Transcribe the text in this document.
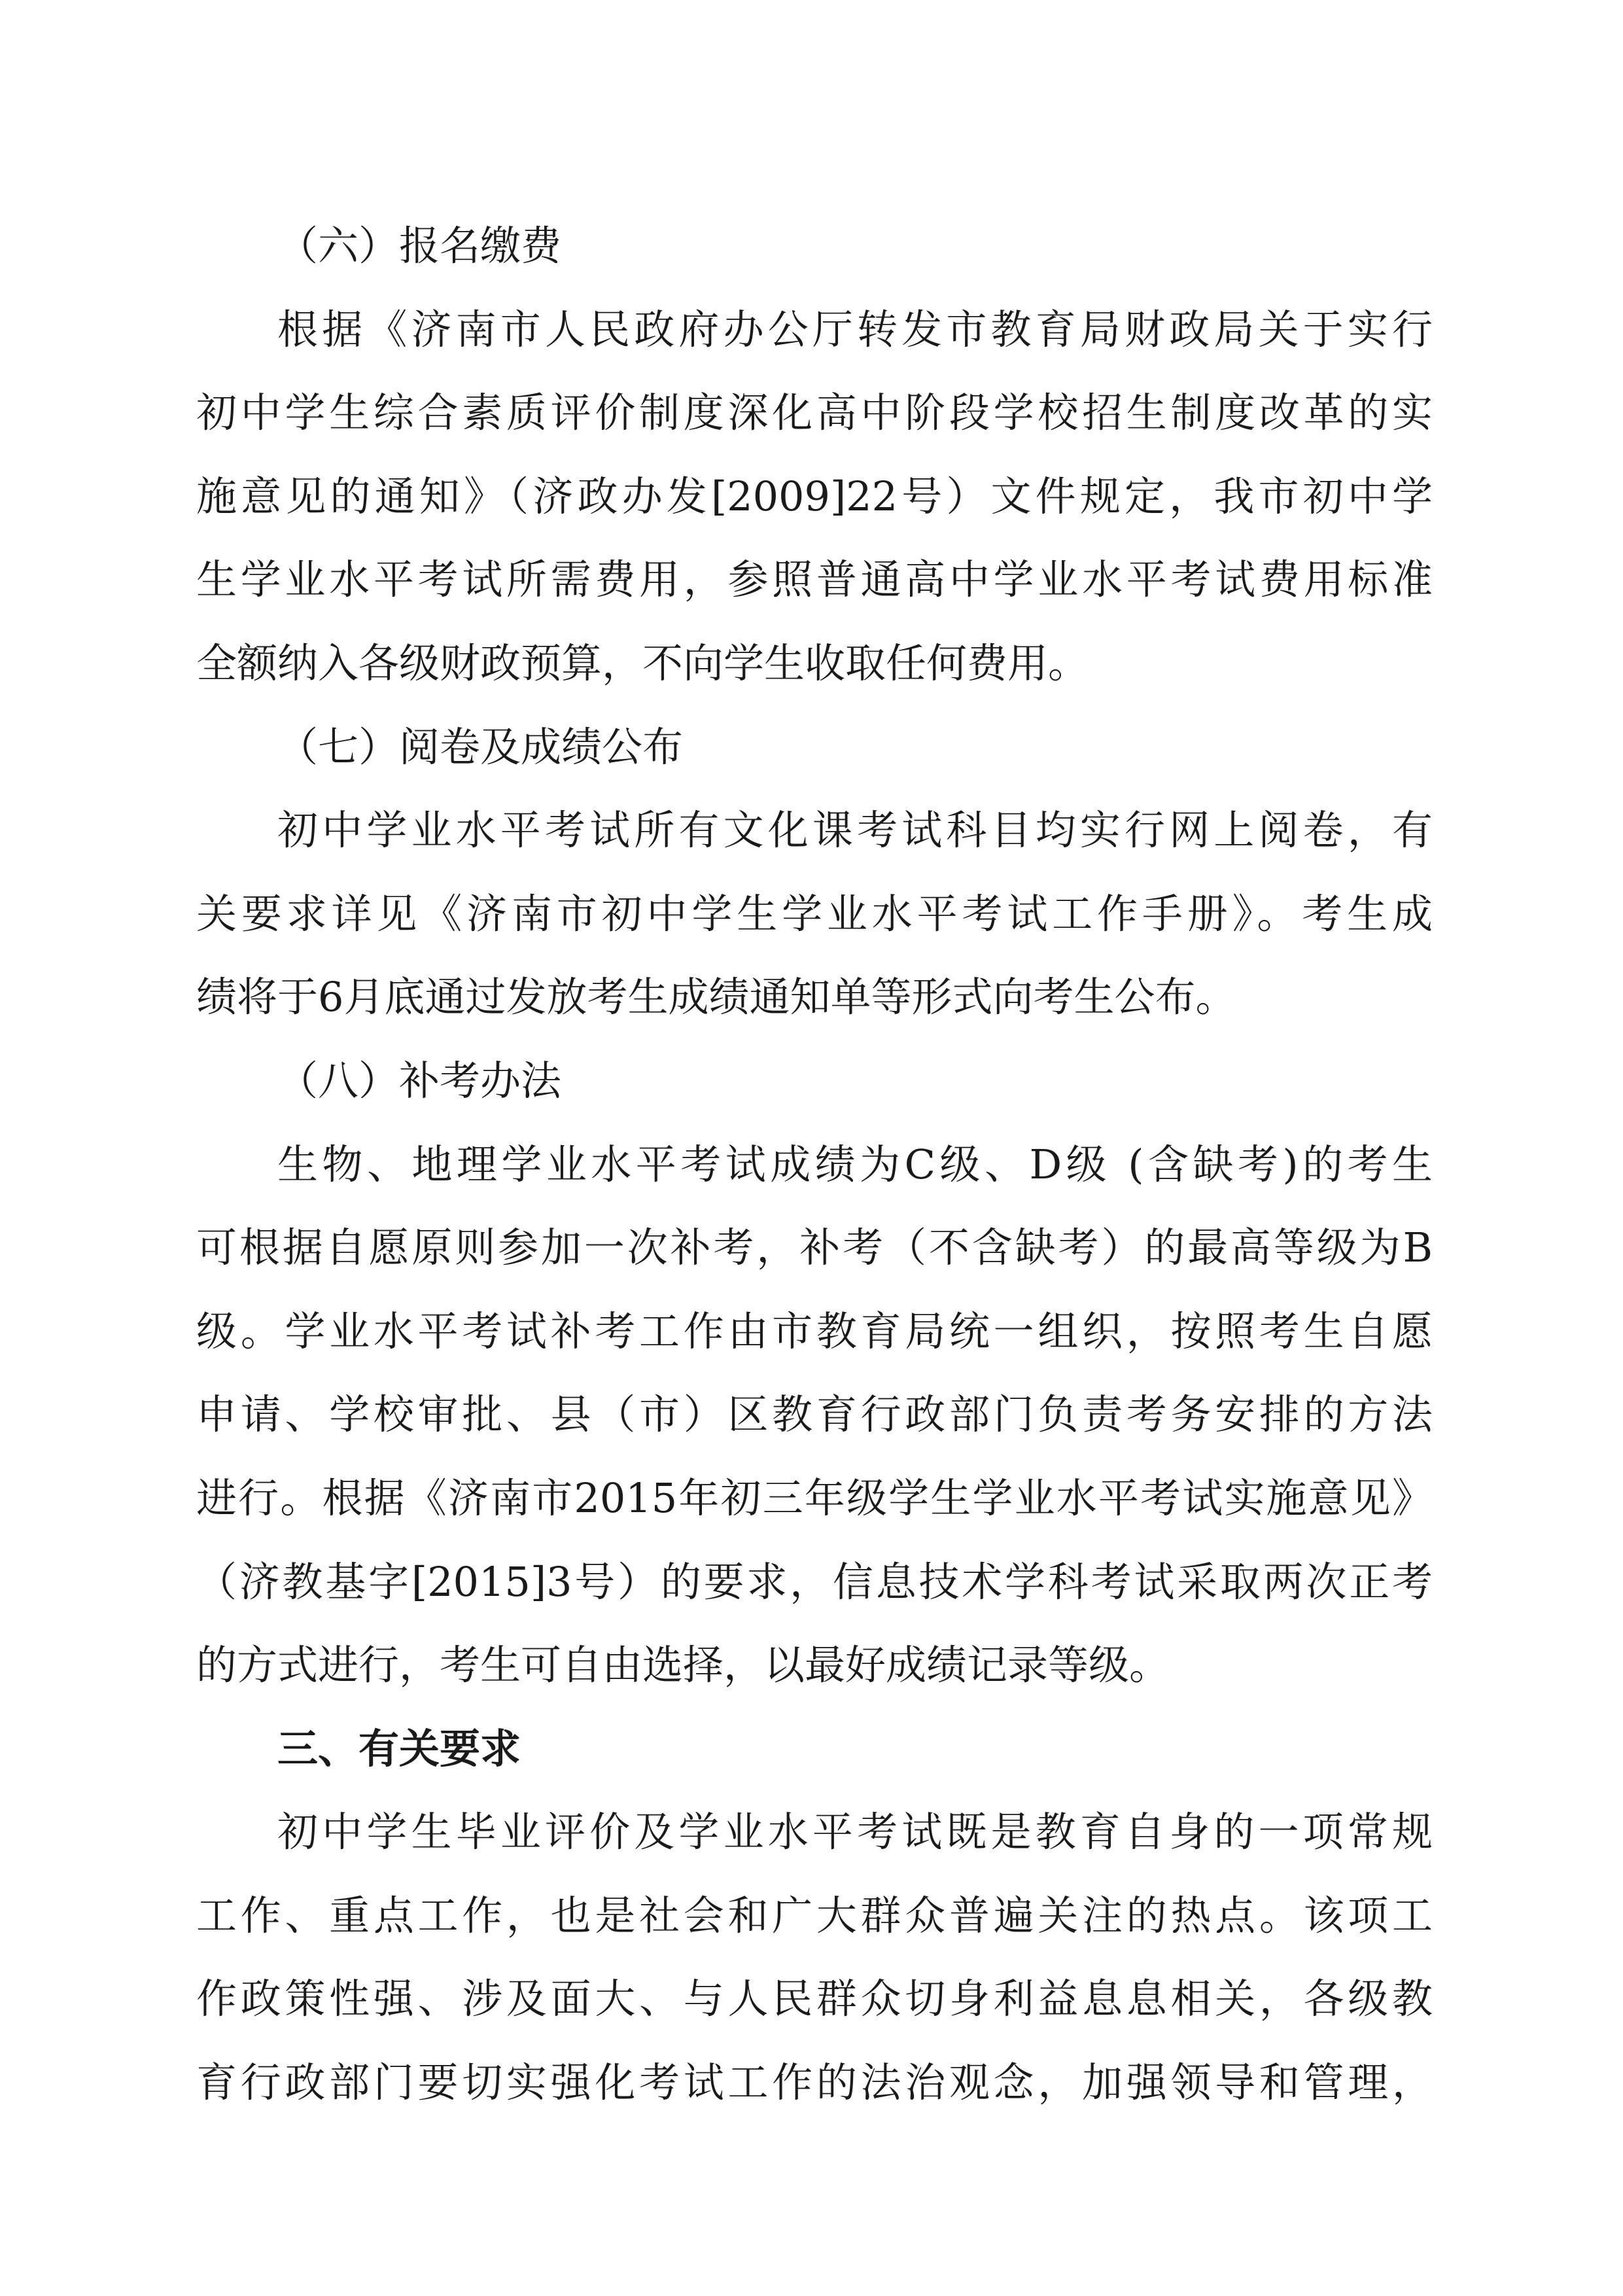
（六）报名缴费
根据《济南市人民政府办公厅转发市教育局财政局关于实行
初中学生综合素质评价制度深化高中阶段学校招生制度改革的实
施意见的通知》（济政办发[2009]22号）文件规定，我市初中学
生学业水平考试所需费用，参照普通高中学业水平考试费用标准
全额纳入各级财政预算，不向学生收取任何费用。
（七）阅卷及成绩公布
初中学业水平考试所有文化课考试科目均实行网上阅卷，有
关要求详见《济南市初中学生学业水平考试工作手册》。考生成
绩将于6月底通过发放考生成绩通知单等形式向考生公布。
（八）补考办法
生物、地理学业水平考试成绩为C级、D级 (含缺考)的考生
可根据自愿原则参加一次补考，补考（不含缺考）的最高等级为B
级。学业水平考试补考工作由市教育局统一组织，按照考生自愿
申请、学校审批、县（市）区教育行政部门负责考务安排的方法
进行。根据《济南市2015年初三年级学生学业水平考试实施意见》
（济教基字[2015]3号）的要求，信息技术学科考试采取两次正考
的方式进行，考生可自由选择，以最好成绩记录等级。
三、有关要求
初中学生毕业评价及学业水平考试既是教育自身的一项常规
工作、重点工作，也是社会和广大群众普遍关注的热点。该项工
作政策性强、涉及面大、与人民群众切身利益息息相关，各级教
育行政部门要切实强化考试工作的法治观念，加强领导和管理，
